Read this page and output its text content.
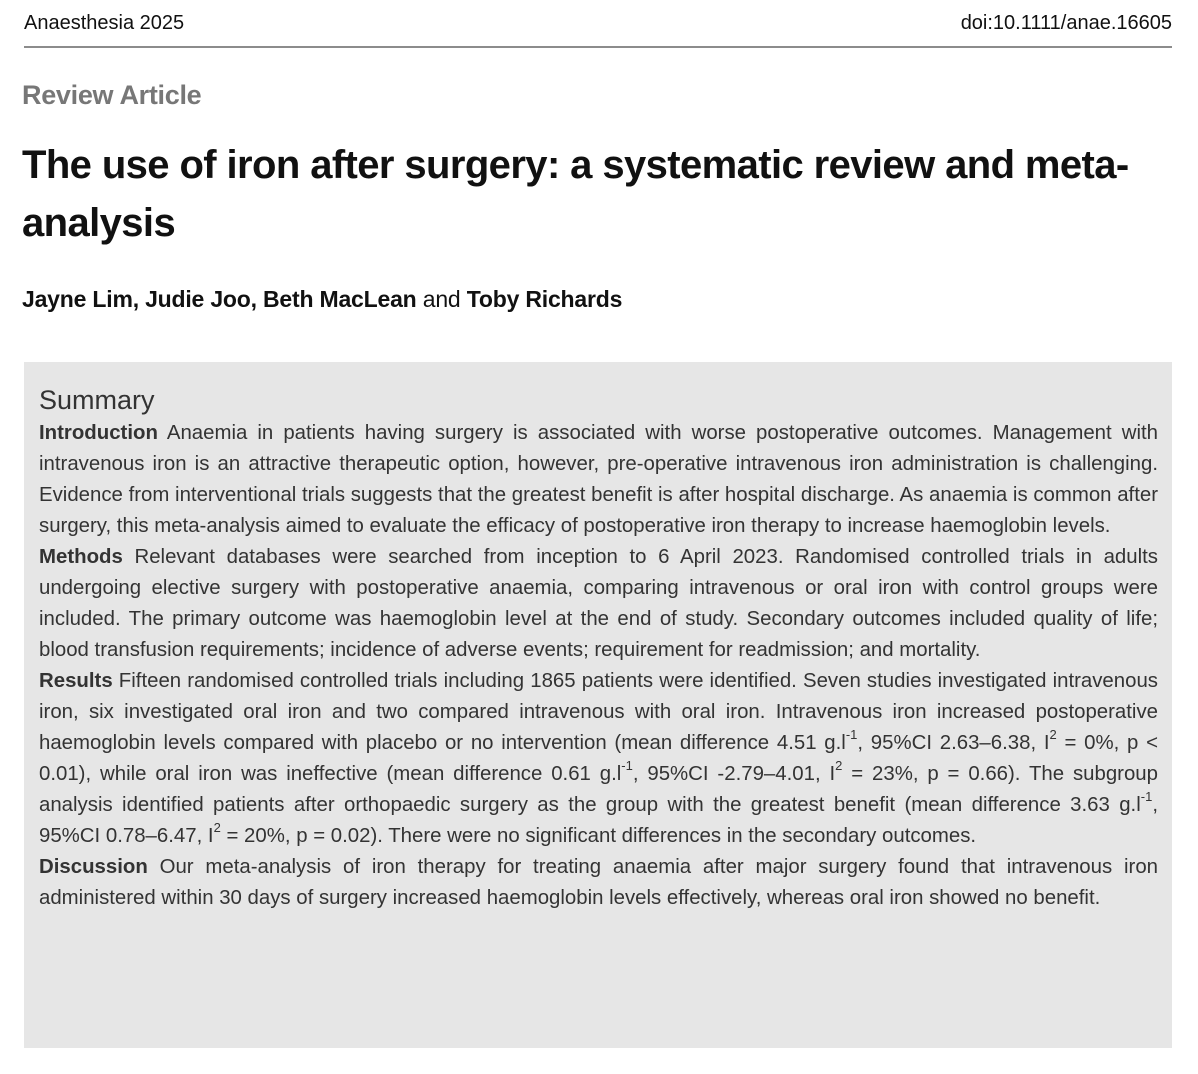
Anaesthesia 2025	doi:10.1111/anae.16605
Review Article
The use of iron after surgery: a systematic review and meta-analysis
Jayne Lim, Judie Joo, Beth MacLean and Toby Richards
Summary

Introduction Anaemia in patients having surgery is associated with worse postoperative outcomes. Management with intravenous iron is an attractive therapeutic option, however, pre-operative intravenous iron administration is challenging. Evidence from interventional trials suggests that the greatest benefit is after hospital discharge. As anaemia is common after surgery, this meta-analysis aimed to evaluate the efficacy of postoperative iron therapy to increase haemoglobin levels.

Methods Relevant databases were searched from inception to 6 April 2023. Randomised controlled trials in adults undergoing elective surgery with postoperative anaemia, comparing intravenous or oral iron with control groups were included. The primary outcome was haemoglobin level at the end of study. Secondary outcomes included quality of life; blood transfusion requirements; incidence of adverse events; requirement for readmission; and mortality.

Results Fifteen randomised controlled trials including 1865 patients were identified. Seven studies investigated intravenous iron, six investigated oral iron and two compared intravenous with oral iron. Intravenous iron increased postoperative haemoglobin levels compared with placebo or no intervention (mean difference 4.51 $g.l^{-1}$, 95%CI 2.63–6.38, $I^2 = 0\%$, p < 0.01), while oral iron was ineffective (mean difference 0.61 $g.l^{-1}$, 95%CI -2.79–4.01, $I^2 = 23\%$, p = 0.66). The subgroup analysis identified patients after orthopaedic surgery as the group with the greatest benefit (mean difference 3.63 $g.l^{-1}$, 95%CI 0.78–6.47, $I^2 = 20\%$, p = 0.02). There were no significant differences in the secondary outcomes.

Discussion Our meta-analysis of iron therapy for treating anaemia after major surgery found that intravenous iron administered within 30 days of surgery increased haemoglobin levels effectively, whereas oral iron showed no benefit.
